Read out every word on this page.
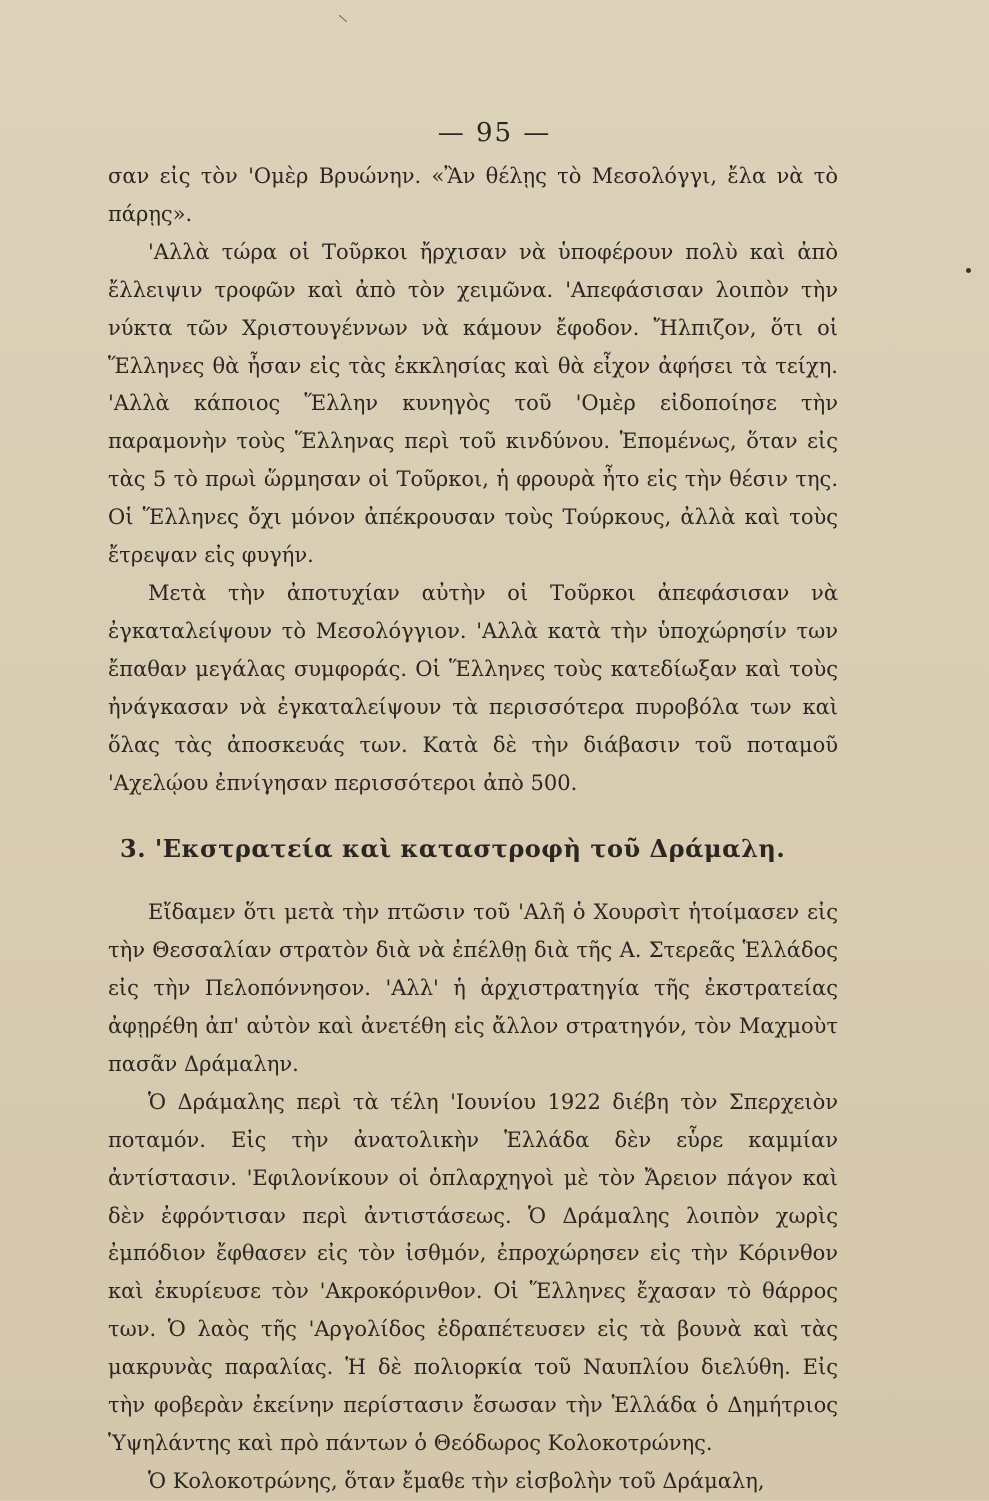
— 95 —

σαν εἰς τὸν 'Ομὲρ Βρυώνην. «Ἂν θέλῃς τὸ Μεσολόγγι, ἔλα νὰ τὸ πάρῃς».

'Αλλὰ τώρα οἱ Τοῦρκοι ἤρχισαν νὰ ὑποφέρουν πολὺ καὶ ἀπὸ ἔλλειψιν τροφῶν καὶ ἀπὸ τὸν χειμῶνα. 'Απεφάσισαν λοιπὸν τὴν νύκτα τῶν Χριστουγέννων νὰ κάμουν ἔφοδον. Ἤλπιζον, ὅτι οἱ Ἕλληνες θὰ ἦσαν εἰς τὰς ἐκκλησίας καὶ θὰ εἶχον ἀφήσει τὰ τείχη. 'Αλλὰ κάποιος Ἕλλην κυνηγὸς τοῦ 'Ομὲρ εἰδοποίησε τὴν παραμονὴν τοὺς Ἕλληνας περὶ τοῦ κινδύνου. Ἑπομένως, ὅταν εἰς τὰς 5 τὸ πρωὶ ὥρμησαν οἱ Τοῦρκοι, ἡ φρουρὰ ἦτο εἰς τὴν θέσιν της. Οἱ Ἕλληνες ὄχι μόνον ἀπέκρουσαν τοὺς Τούρκους, ἀλλὰ καὶ τοὺς ἔτρεψαν εἰς φυγήν.

Μετὰ τὴν ἀποτυχίαν αὐτὴν οἱ Τοῦρκοι ἀπεφάσισαν νὰ ἐγκαταλείψουν τὸ Μεσολόγγιον. 'Αλλὰ κατὰ τὴν ὑποχώρησίν των ἔπαθαν μεγάλας συμφοράς. Οἱ Ἕλληνες τοὺς κατεδίωξαν καὶ τοὺς ἠνάγκασαν νὰ ἐγκαταλείψουν τὰ περισσότερα πυροβόλα των καὶ ὅλας τὰς ἀποσκευάς των. Κατὰ δὲ τὴν διάβασιν τοῦ ποταμοῦ 'Αχελῴου ἐπνίγησαν περισσότεροι ἀπὸ 500.

3. 'Εκστρατεία καὶ καταστροφὴ τοῦ Δράμαλη.

Εἴδαμεν ὅτι μετὰ τὴν πτῶσιν τοῦ 'Αλῆ ὁ Χουρσὶτ ἡτοίμασεν εἰς τὴν Θεσσαλίαν στρατὸν διὰ νὰ ἐπέλθῃ διὰ τῆς Α. Στερεᾶς Ἑλλάδος εἰς τὴν Πελοπόννησον. 'Αλλ' ἡ ἀρχιστρατηγία τῆς ἐκστρατείας ἀφῃρέθη ἀπ' αὐτὸν καὶ ἀνετέθη εἰς ἄλλον στρατηγόν, τὸν Μαχμοὺτ πασᾶν Δράμαλην.

Ὁ Δράμαλης περὶ τὰ τέλη 'Ιουνίου 1922 διέβη τὸν Σπερχειὸν ποταμόν. Εἰς τὴν ἀνατολικὴν Ἑλλάδα δὲν εὗρε καμμίαν ἀντίστασιν. 'Εφιλονίκουν οἱ ὁπλαρχηγοὶ μὲ τὸν Ἄρειον πάγον καὶ δὲν ἐφρόντισαν περὶ ἀντιστάσεως. Ὁ Δράμαλης λοιπὸν χωρὶς ἐμπόδιον ἔφθασεν εἰς τὸν ἰσθμόν, ἐπροχώρησεν εἰς τὴν Κόρινθον καὶ ἐκυρίευσε τὸν 'Ακροκόρινθον. Οἱ Ἕλληνες ἔχασαν τὸ θάρρος των. Ὁ λαὸς τῆς 'Αργολίδος ἐδραπέτευσεν εἰς τὰ βουνὰ καὶ τὰς μακρυνὰς παραλίας. Ἡ δὲ πολιορκία τοῦ Ναυπλίου διελύθη. Εἰς τὴν φοβερὰν ἐκείνην περίστασιν ἔσωσαν τὴν Ἑλλάδα ὁ Δημήτριος Ὑψηλάντης καὶ πρὸ πάντων ὁ Θεόδωρος Κολοκοτρώνης.

Ὁ Κολοκοτρώνης, ὅταν ἔμαθε τὴν εἰσβολὴν τοῦ Δράμαλη,
